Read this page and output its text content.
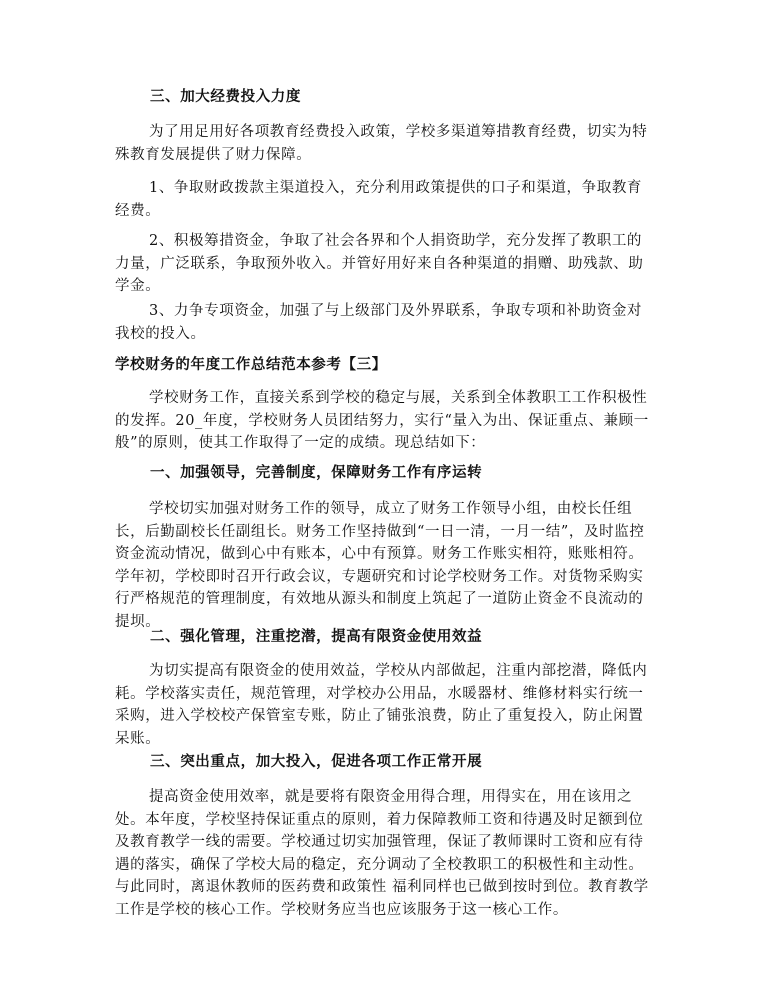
三、加大经费投入力度

为了用足用好各项教育经费投入政策，学校多渠道筹措教育经费，切实为特殊教育发展提供了财力保障。

1、争取财政拨款主渠道投入，充分利用政策提供的口子和渠道，争取教育经费。

2、积极筹措资金，争取了社会各界和个人捐资助学，充分发挥了教职工的力量，广泛联系，争取预外收入。并管好用好来自各种渠道的捐赠、助残款、助学金。

3、力争专项资金，加强了与上级部门及外界联系，争取专项和补助资金对我校的投入。

学校财务的年度工作总结范本参考【三】

学校财务工作，直接关系到学校的稳定与展，关系到全体教职工工作积极性的发挥。20_年度，学校财务人员团结努力，实行“量入为出、保证重点、兼顾一般”的原则，使其工作取得了一定的成绩。现总结如下：

一、加强领导，完善制度，保障财务工作有序运转

学校切实加强对财务工作的领导，成立了财务工作领导小组，由校长任组长，后勤副校长任副组长。财务工作坚持做到“一日一清，一月一结”，及时监控资金流动情况，做到心中有账本，心中有预算。财务工作账实相符，账账相符。学年初，学校即时召开行政会议，专题研究和讨论学校财务工作。对货物采购实行严格规范的管理制度，有效地从源头和制度上筑起了一道防止资金不良流动的提坝。

二、强化管理，注重挖潜，提高有限资金使用效益

为切实提高有限资金的使用效益，学校从内部做起，注重内部挖潜，降低内耗。学校落实责任，规范管理，对学校办公用品，水暖器材、维修材料实行统一采购，进入学校校产保管室专账，防止了铺张浪费，防止了重复投入，防止闲置呆账。

三、突出重点，加大投入，促进各项工作正常开展

提高资金使用效率，就是要将有限资金用得合理，用得实在，用在该用之处。本年度，学校坚持保证重点的原则，着力保障教师工资和待遇及时足额到位及教育教学一线的需要。学校通过切实加强管理，保证了教师课时工资和应有待遇的落实，确保了学校大局的稳定，充分调动了全校教职工的积极性和主动性。与此同时，离退休教师的医药费和政策性 福利同样也已做到按时到位。教育教学工作是学校的核心工作。学校财务应当也应该服务于这一核心工作。
